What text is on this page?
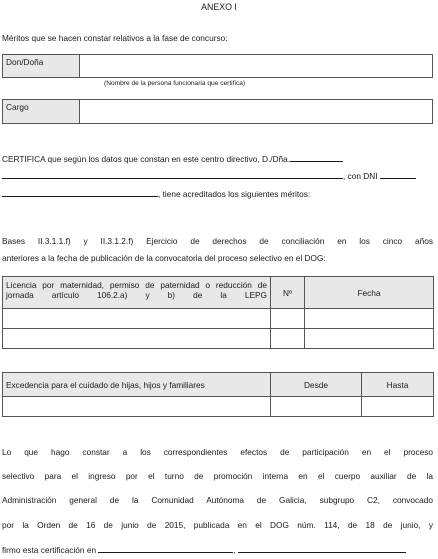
ANEXO I
Méritos que se hacen constar relativos a la fase de concurso:
Don/Doña
(Nombre de la persona funcionaria que certifica)
Cargo
CERTIFICA que según los datos que constan en este centro directivo, D./Dña.
, con DNI
, tiene acreditados los siguientes méritos:
Bases II.3.1.1.f) y II.3.1.2.f) Ejercicio de derechos de conciliación en los cinco años
anteriores a la fecha de publicación de la convocatoria del proceso selectivo en el DOG:
Licencia por maternidad, permiso de paternidad o reducción de jornada artículo 106.2.a) y b) de la LEPG	Nº	Fecha

Excedencia para el cuidado de hijas, hijos y familiares	Desde	Hasta

Lo que hago constar a los correspondientes efectos de participación en el proceso
selectivo para el ingreso por el turno de promoción interna en el cuerpo auxiliar de la
Administración general de la Comunidad Autónoma de Galicia, subgrupo C2, convocado
por la Orden de 16 de junio de 2015, publicada en el DOG núm. 114, de 18 de junio, y
firmo esta certificación en	,
